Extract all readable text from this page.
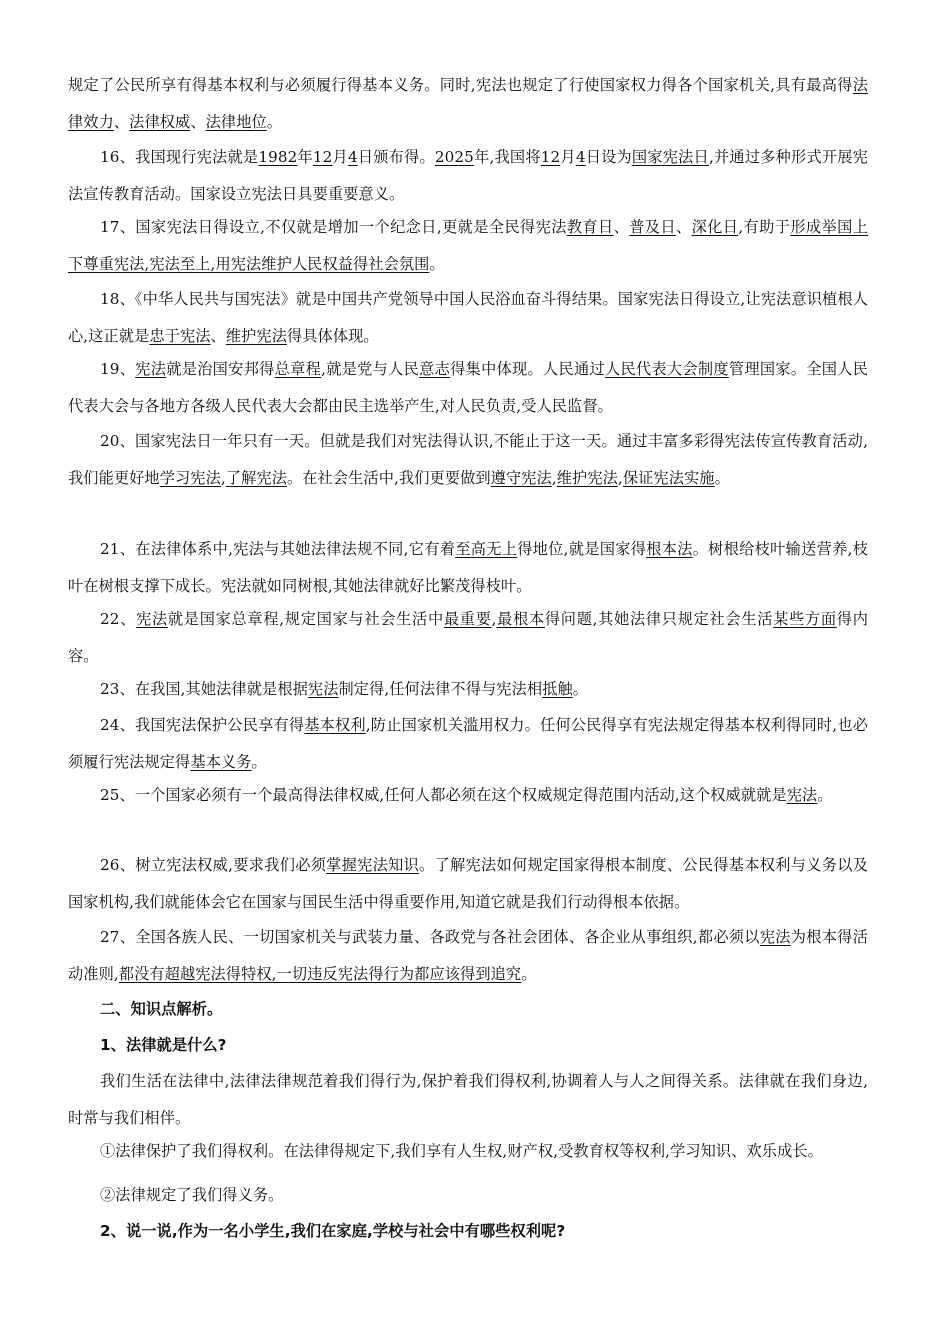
规定了公民所享有得基本权利与必须履行得基本义务。同时,宪法也规定了行使国家权力得各个国家机关,具有最高得法律效力、法律权威、法律地位。

16、我国现行宪法就是1982年12月4日颁布得。2025年,我国将12月4日设为国家宪法日,并通过多种形式开展宪法宣传教育活动。国家设立宪法日具要重要意义。

17、国家宪法日得设立,不仅就是增加一个纪念日,更就是全民得宪法教育日、普及日、深化日,有助于形成举国上下尊重宪法,宪法至上,用宪法维护人民权益得社会氛围。

18、《中华人民共与国宪法》就是中国共产党领导中国人民浴血奋斗得结果。国家宪法日得设立,让宪法意识植根人心,这正就是忠于宪法、维护宪法得具体体现。

19、宪法就是治国安邦得总章程,就是党与人民意志得集中体现。人民通过人民代表大会制度管理国家。全国人民代表大会与各地方各级人民代表大会都由民主选举产生,对人民负责,受人民监督。

20、国家宪法日一年只有一天。但就是我们对宪法得认识,不能止于这一天。通过丰富多彩得宪法传宣传教育活动,我们能更好地学习宪法,了解宪法。在社会生活中,我们更要做到遵守宪法,维护宪法,保证宪法实施。

21、在法律体系中,宪法与其她法律法规不同,它有着至高无上得地位,就是国家得根本法。树根给枝叶输送营养,枝叶在树根支撑下成长。宪法就如同树根,其她法律就好比繁茂得枝叶。

22、宪法就是国家总章程,规定国家与社会生活中最重要,最根本得问题,其她法律只规定社会生活某些方面得内容。

23、在我国,其她法律就是根据宪法制定得,任何法律不得与宪法相抵触。

24、我国宪法保护公民享有得基本权利,防止国家机关滥用权力。任何公民得享有宪法规定得基本权利得同时,也必须履行宪法规定得基本义务。

25、一个国家必须有一个最高得法律权威,任何人都必须在这个权威规定得范围内活动,这个权威就就是宪法。

26、树立宪法权威,要求我们必须掌握宪法知识。了解宪法如何规定国家得根本制度、公民得基本权利与义务以及国家机构,我们就能体会它在国家与国民生活中得重要作用,知道它就是我们行动得根本依据。

27、全国各族人民、一切国家机关与武装力量、各政党与各社会团体、各企业从事组织,都必须以宪法为根本得活动准则,都没有超越宪法得特权,一切违反宪法得行为都应该得到追究。

二、知识点解析。

1、法律就是什么?

我们生活在法律中,法律法律规范着我们得行为,保护着我们得权利,协调着人与人之间得关系。法律就在我们身边,时常与我们相伴。

①法律保护了我们得权利。在法律得规定下,我们享有人生权,财产权,受教育权等权利,学习知识、欢乐成长。

②法律规定了我们得义务。

2、说一说,作为一名小学生,我们在家庭,学校与社会中有哪些权利呢?
